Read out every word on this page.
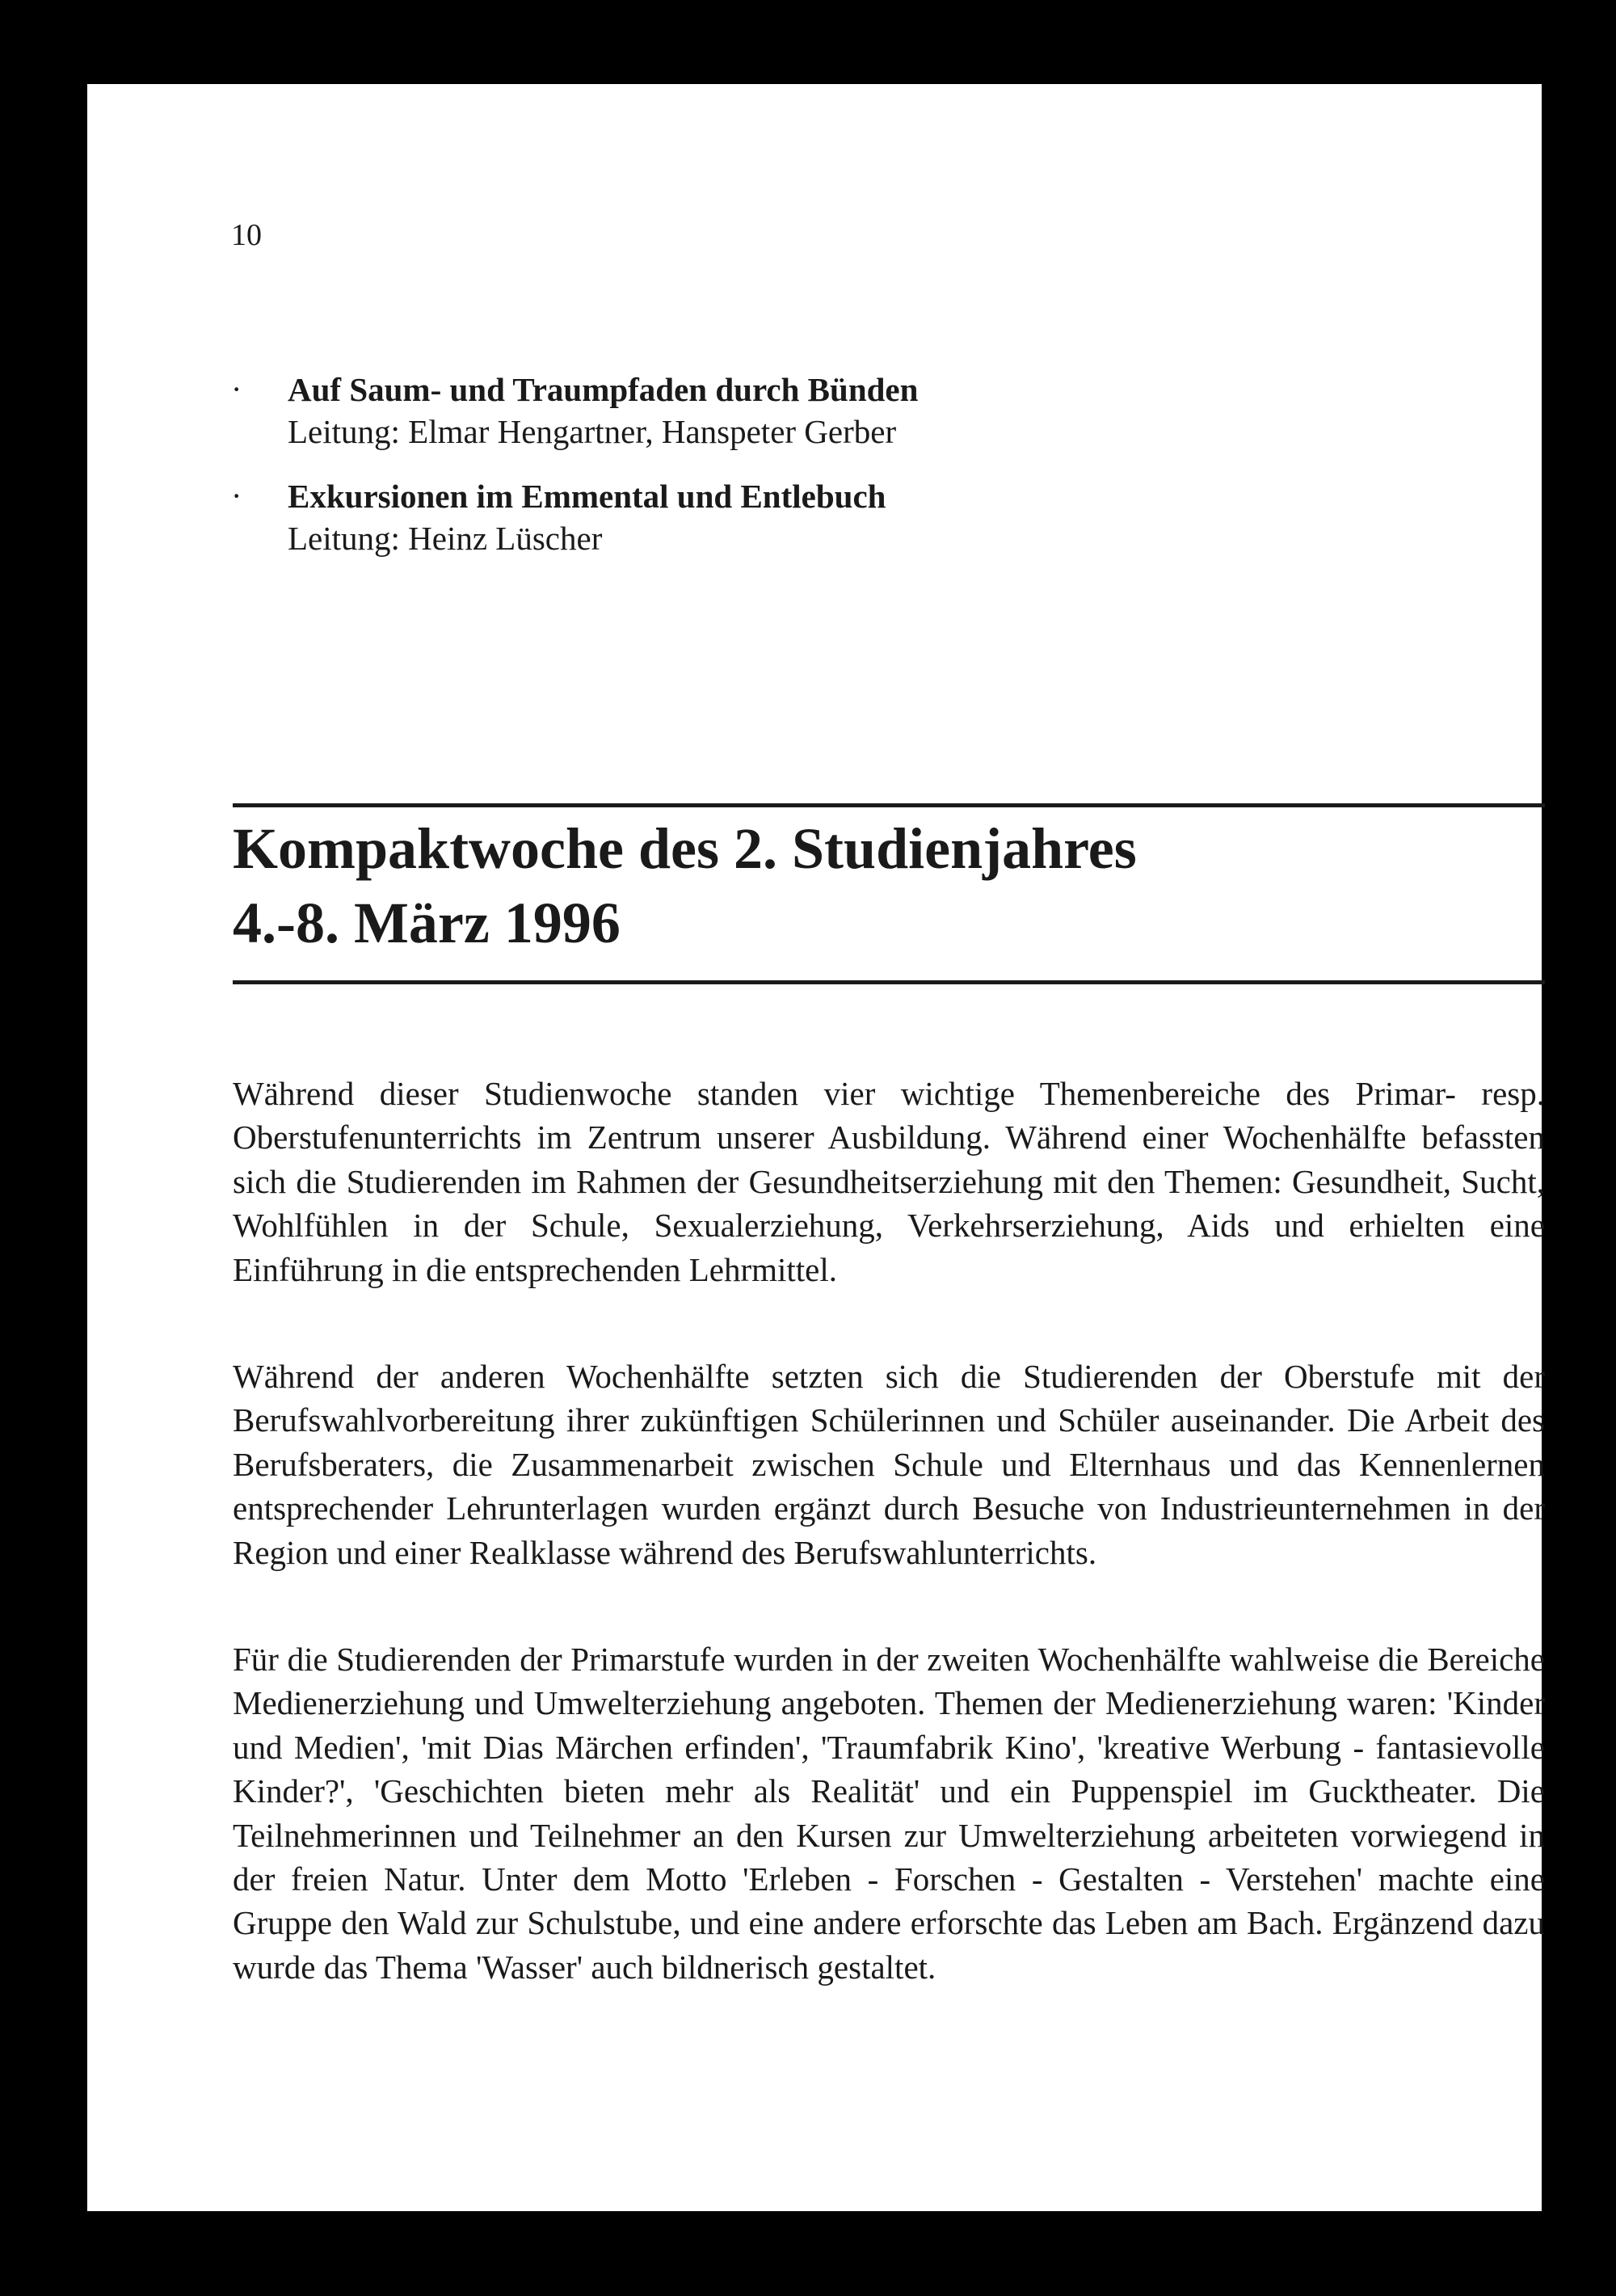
10
· Auf Saum- und Traumpfaden durch Bünden
Leitung: Elmar Hengartner, Hanspeter Gerber
· Exkursionen im Emmental und Entlebuch
Leitung: Heinz Lüscher
Kompaktwoche des 2. Studienjahres
4.-8. März 1996

Während dieser Studienwoche standen vier wichtige Themenbereiche des Primar- resp. Oberstufenunterrichts im Zentrum unserer Ausbildung. Während einer Wochenhälfte befassten sich die Studierenden im Rahmen der Gesundheitserziehung mit den Themen: Gesundheit, Sucht, Wohlfühlen in der Schule, Sexualerziehung, Verkehrserziehung, Aids und erhielten eine Einführung in die entsprechenden Lehrmittel.

Während der anderen Wochenhälfte setzten sich die Studierenden der Oberstufe mit der Berufswahlvorbereitung ihrer zukünftigen Schülerinnen und Schüler auseinander. Die Arbeit des Berufsberaters, die Zusammenarbeit zwischen Schule und Elternhaus und das Kennenlernen entsprechender Lehrunterlagen wurden ergänzt durch Besuche von Industrieunternehmen in der Region und einer Realklasse während des Berufswahlunterrichts.

Für die Studierenden der Primarstufe wurden in der zweiten Wochenhälfte wahlweise die Bereiche Medienerziehung und Umwelterziehung angeboten. Themen der Medienerziehung waren: 'Kinder und Medien', 'mit Dias Märchen erfinden', 'Traumfabrik Kino', 'kreative Werbung - fantasievolle Kinder?', 'Geschichten bieten mehr als Realität' und ein Puppenspiel im Gucktheater. Die Teilnehmerinnen und Teilnehmer an den Kursen zur Umwelterziehung arbeiteten vorwiegend in der freien Natur. Unter dem Motto 'Erleben - Forschen - Gestalten - Verstehen' machte eine Gruppe den Wald zur Schulstube, und eine andere erforschte das Leben am Bach. Ergänzend dazu wurde das Thema 'Wasser' auch bildnerisch gestaltet.
